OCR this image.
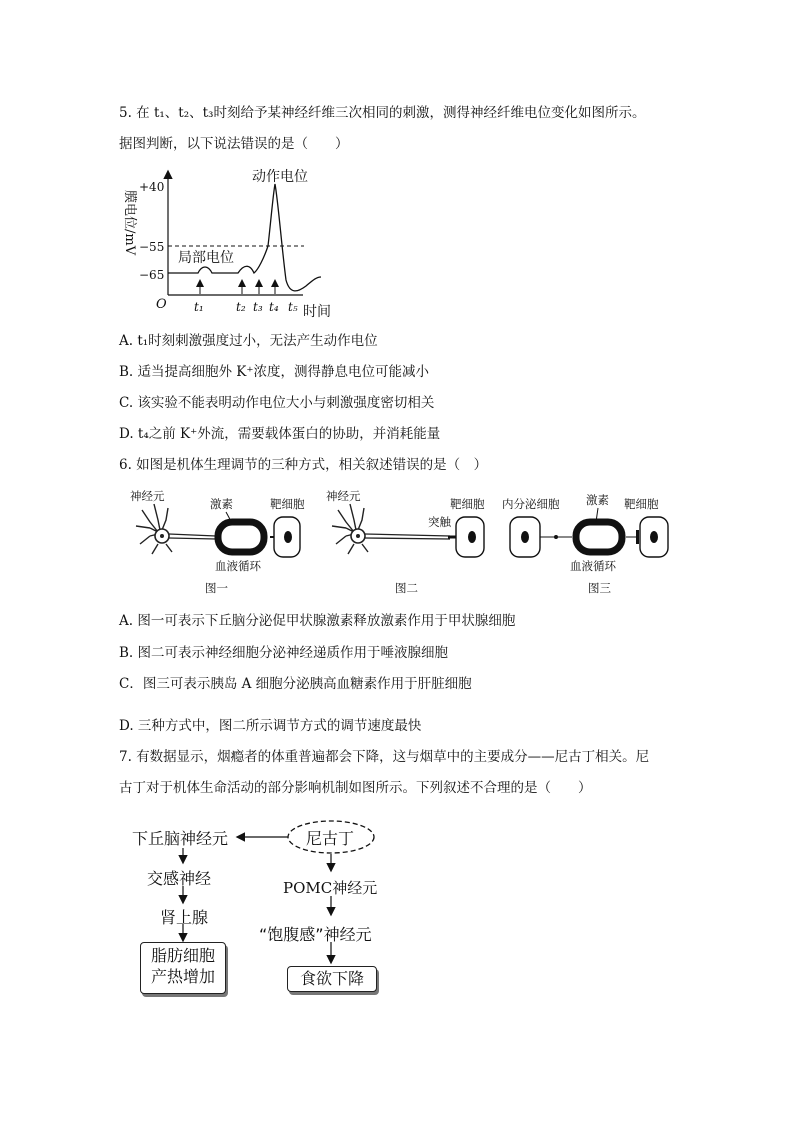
5. 在 t₁、t₂、t₃时刻给予某神经纤维三次相同的刺激，测得神经纤维电位变化如图所示。
据图判断，以下说法错误的是（　　）
膜电位/mV
+40
−55
−65
O t₁	t₂ t₃ t₄ t₅ 时间
动作电位
局部电位
A. t₁时刻刺激强度过小，无法产生动作电位
B. 适当提高细胞外 K⁺浓度，测得静息电位可能减小
C. 该实验不能表明动作电位大小与刺激强度密切相关
D. t₄之前 K⁺外流，需要载体蛋白的协助，并消耗能量
6. 如图是机体生理调节的三种方式，相关叙述错误的是（　）
神经元
激素
血液循环
靶细胞
图一
神经元
突触
靶细胞
图二
内分泌细胞 激素
血液循环
靶细胞
图三
A. 图一可表示下丘脑分泌促甲状腺激素释放激素作用于甲状腺细胞
B. 图二可表示神经细胞分泌神经递质作用于唾液腺细胞
C．图三可表示胰岛 A 细胞分泌胰高血糖素作用于肝脏细胞
D. 三种方式中，图二所示调节方式的调节速度最快
7. 有数据显示，烟瘾者的体重普遍都会下降，这与烟草中的主要成分——尼古丁相关。尼
古丁对于机体生命活动的部分影响机制如图所示。下列叙述不合理的是（　　）
下丘脑神经元	尼古丁
交感神经	POMC神经元
肾上腺
“饱腹感”神经元
脂肪细胞
产热增加	食欲下降
